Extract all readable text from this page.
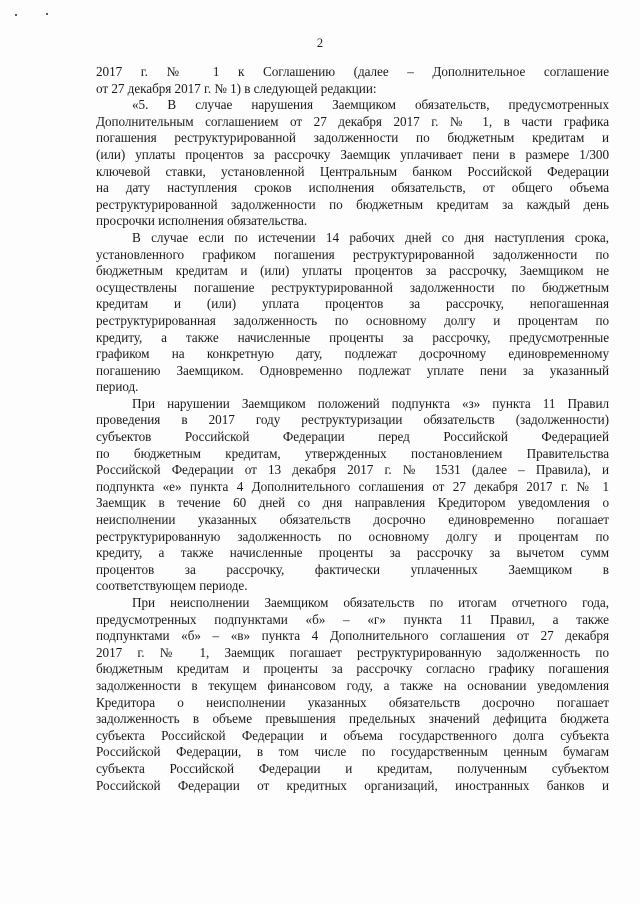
2
2017 г. № 1 к Соглашению (далее – Дополнительное соглашение
от 27 декабря 2017 г. № 1) в следующей редакции:
«5. В случае нарушения Заемщиком обязательств, предусмотренных
Дополнительным соглашением от 27 декабря 2017 г. № 1, в части графика
погашения реструктурированной задолженности по бюджетным кредитам и
(или) уплаты процентов за рассрочку Заемщик уплачивает пени в размере 1/300
ключевой ставки, установленной Центральным банком Российской Федерации
на дату наступления сроков исполнения обязательств, от общего объема
реструктурированной задолженности по бюджетным кредитам за каждый день
просрочки исполнения обязательства.
В случае если по истечении 14 рабочих дней со дня наступления срока,
установленного графиком погашения реструктурированной задолженности по
бюджетным кредитам и (или) уплаты процентов за рассрочку, Заемщиком не
осуществлены погашение реструктурированной задолженности по бюджетным
кредитам и (или) уплата процентов за рассрочку, непогашенная
реструктурированная задолженность по основному долгу и процентам по
кредиту, а также начисленные проценты за рассрочку, предусмотренные
графиком на конкретную дату, подлежат досрочному единовременному
погашению Заемщиком. Одновременно подлежат уплате пени за указанный
период.
При нарушении Заемщиком положений подпункта «з» пункта 11 Правил
проведения в 2017 году реструктуризации обязательств (задолженности)
субъектов Российской Федерации перед Российской Федерацией
по бюджетным кредитам, утвержденных постановлением Правительства
Российской Федерации от 13 декабря 2017 г. № 1531 (далее – Правила), и
подпункта «е» пункта 4 Дополнительного соглашения от 27 декабря 2017 г. № 1
Заемщик в течение 60 дней со дня направления Кредитором уведомления о
неисполнении указанных обязательств досрочно единовременно погашает
реструктурированную задолженность по основному долгу и процентам по
кредиту, а также начисленные проценты за рассрочку за вычетом сумм
процентов за рассрочку, фактически уплаченных Заемщиком в
соответствующем периоде.
При неисполнении Заемщиком обязательств по итогам отчетного года,
предусмотренных подпунктами «б» – «г» пункта 11 Правил, а также
подпунктами «б» – «в» пункта 4 Дополнительного соглашения от 27 декабря
2017 г. № 1, Заемщик погашает реструктурированную задолженность по
бюджетным кредитам и проценты за рассрочку согласно графику погашения
задолженности в текущем финансовом году, а также на основании уведомления
Кредитора о неисполнении указанных обязательств досрочно погашает
задолженность в объеме превышения предельных значений дефицита бюджета
субъекта Российской Федерации и объема государственного долга субъекта
Российской Федерации, в том числе по государственным ценным бумагам
субъекта Российской Федерации и кредитам, полученным субъектом
Российской Федерации от кредитных организаций, иностранных банков и
